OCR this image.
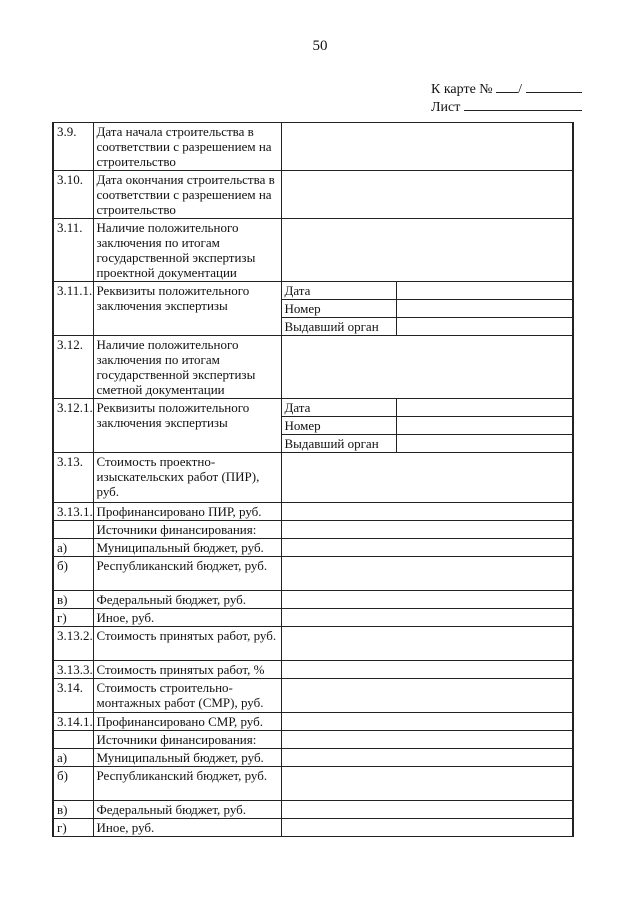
50
К карте № /
Лист
3.9.	Дата начала строительства в соответствии с разрешением на строительство		
3.10.	Дата окончания строительства в соответствии с разрешением на строительство		
3.11.	Наличие положительного заключения по итогам государственной экспертизы проектной документации		
3.11.1.	Реквизиты положительного заключения экспертизы	Дата	
		Номер	
		Выдавший орган	
3.12.	Наличие положительного заключения по итогам государственной экспертизы сметной документации		
3.12.1.	Реквизиты положительного заключения экспертизы	Дата	
		Номер	
		Выдавший орган	
3.13.	Стоимость проектно-изыскательских работ (ПИР), руб.		
3.13.1.	Профинансировано ПИР, руб.		
	Источники финансирования:		
а)	Муниципальный бюджет, руб.		
б)	Республиканский бюджет, руб.		
в)	Федеральный бюджет, руб.		
г)	Иное, руб.		
3.13.2.	Стоимость принятых работ, руб.		
3.13.3.	Стоимость принятых работ, %		
3.14.	Стоимость строительно-монтажных работ (СМР), руб.		
3.14.1.	Профинансировано СМР, руб.		
	Источники финансирования:		
а)	Муниципальный бюджет, руб.		
б)	Республиканский бюджет, руб.		
в)	Федеральный бюджет, руб.		
г)	Иное, руб.		
